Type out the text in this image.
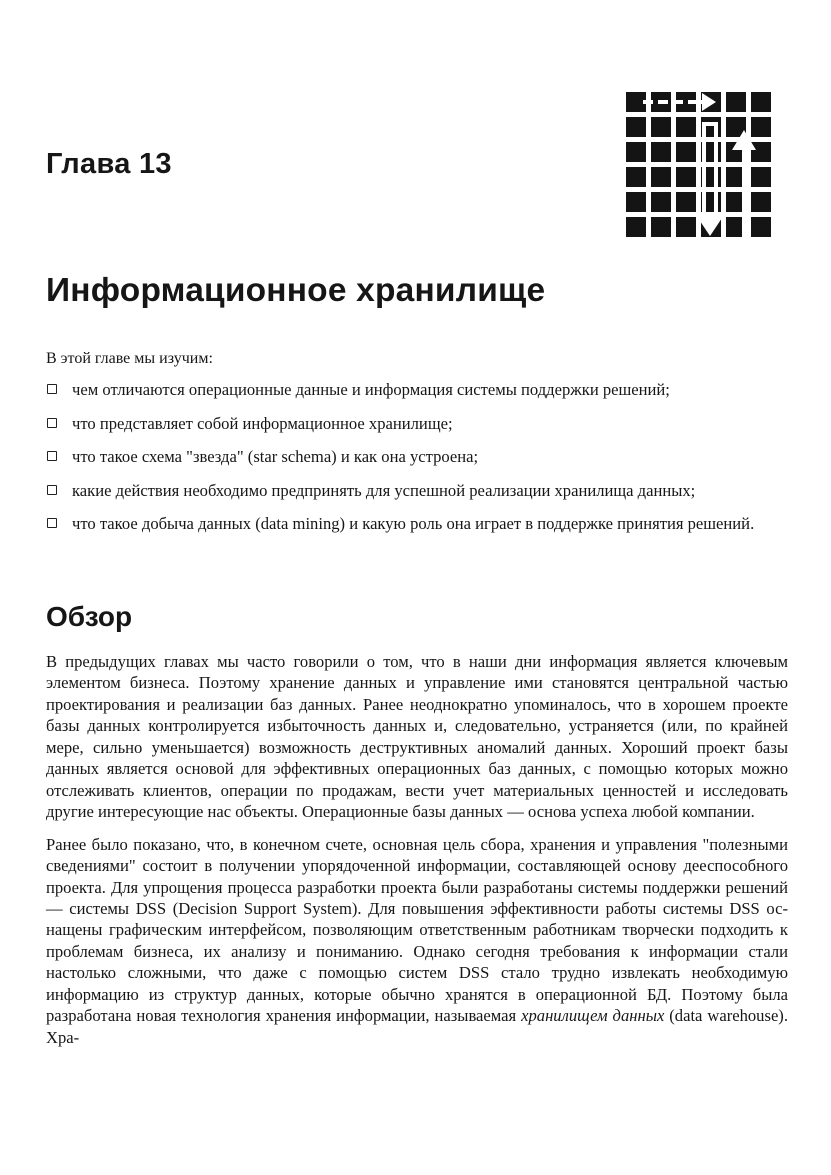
Глава 13
Информационное хранилище
В этой главе мы изучим:
чем отличаются операционные данные и информация системы поддержки решений;
что представляет собой информационное хранилище;
что такое схема "звезда" (star schema) и как она устроена;
какие действия необходимо предпринять для успешной реализации хранилища данных;
что такое добыча данных (data mining) и какую роль она играет в поддержке принятия решений.
Обзор

В предыдущих главах мы часто говорили о том, что в наши дни информация является ключевым элементом бизнеса. Поэтому хранение данных и управление ими становятся центральной частью проектирования и реализации баз данных. Ранее неоднократно упоминалось, что в хорошем проекте базы данных контролируется избыточность данных и, следовательно, устраняется (или, по крайней мере, сильно уменьшается) возможность деструктивных аномалий данных. Хороший проект базы данных является основой для эффективных операционных баз данных, с помощью которых можно отслеживать клиентов, операции по продажам, вести учет материальных ценностей и исследовать другие интересующие нас объекты. Операционные базы данных — основа успеха любой компании.

Ранее было показано, что, в конечном счете, основная цель сбора, хранения и управления "полезными сведениями" состоит в получении упорядоченной информации, составляющей основу дееспособного проекта. Для упрощения процесса разработки проекта были разработаны системы поддержки решений — системы DSS (Decision Support System). Для повышения эффективности работы системы DSS оснащены графическим интерфейсом, позволяющим ответственным работникам творчески подходить к проблемам бизнеса, их анализу и пониманию. Однако сегодня требования к информации стали настолько сложными, что даже с помощью систем DSS стало трудно извлекать необходимую информацию из структур данных, которые обычно хранятся в операционной БД. Поэтому была разработана новая технология хранения информации, называемая хранилищем данных (data warehouse). Хра-
